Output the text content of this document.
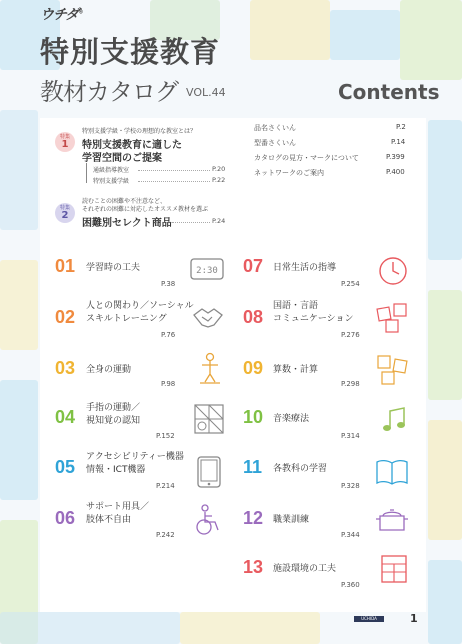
ウチダ®
特別支援教育
教材カタログ VOL.44	Contents
特集
1
特別支援学級・学校の理想的な教室とは？
特別支援教育に適した
学習空間のご提案
通級指導教室	P.20
特別支援学級	P.22
特集
2
読むことの困難や不注意など、
それぞれの困難に対応したオススメ教材を選ぶ
困難別セレクト商品	P.24
品名さくいん	P.2
型番さくいん	P.14
カタログの見方・マークについて	P.399
ネットワークのご案内	P.400
01 学習時の工夫
P.38
2:30
02
人との関わり／ソーシャル
スキルトレーニング
P.76
03 全身の運動
P.98
04 手指の運動／
視知覚の認知
P.152
05 アクセシビリティー機器
情報・ICT機器
P.214
06
サポート用具／
肢体不自由
P.242
07 日常生活の指導
P.254
08
国語・言語
コミュニケーション
P.276
09 算数・計算
P.298
10 音楽療法
P.314
11 各教科の学習
P.328
12 職業訓練
P.344
13 施設環境の工夫
P.360
UCHIDA	1
